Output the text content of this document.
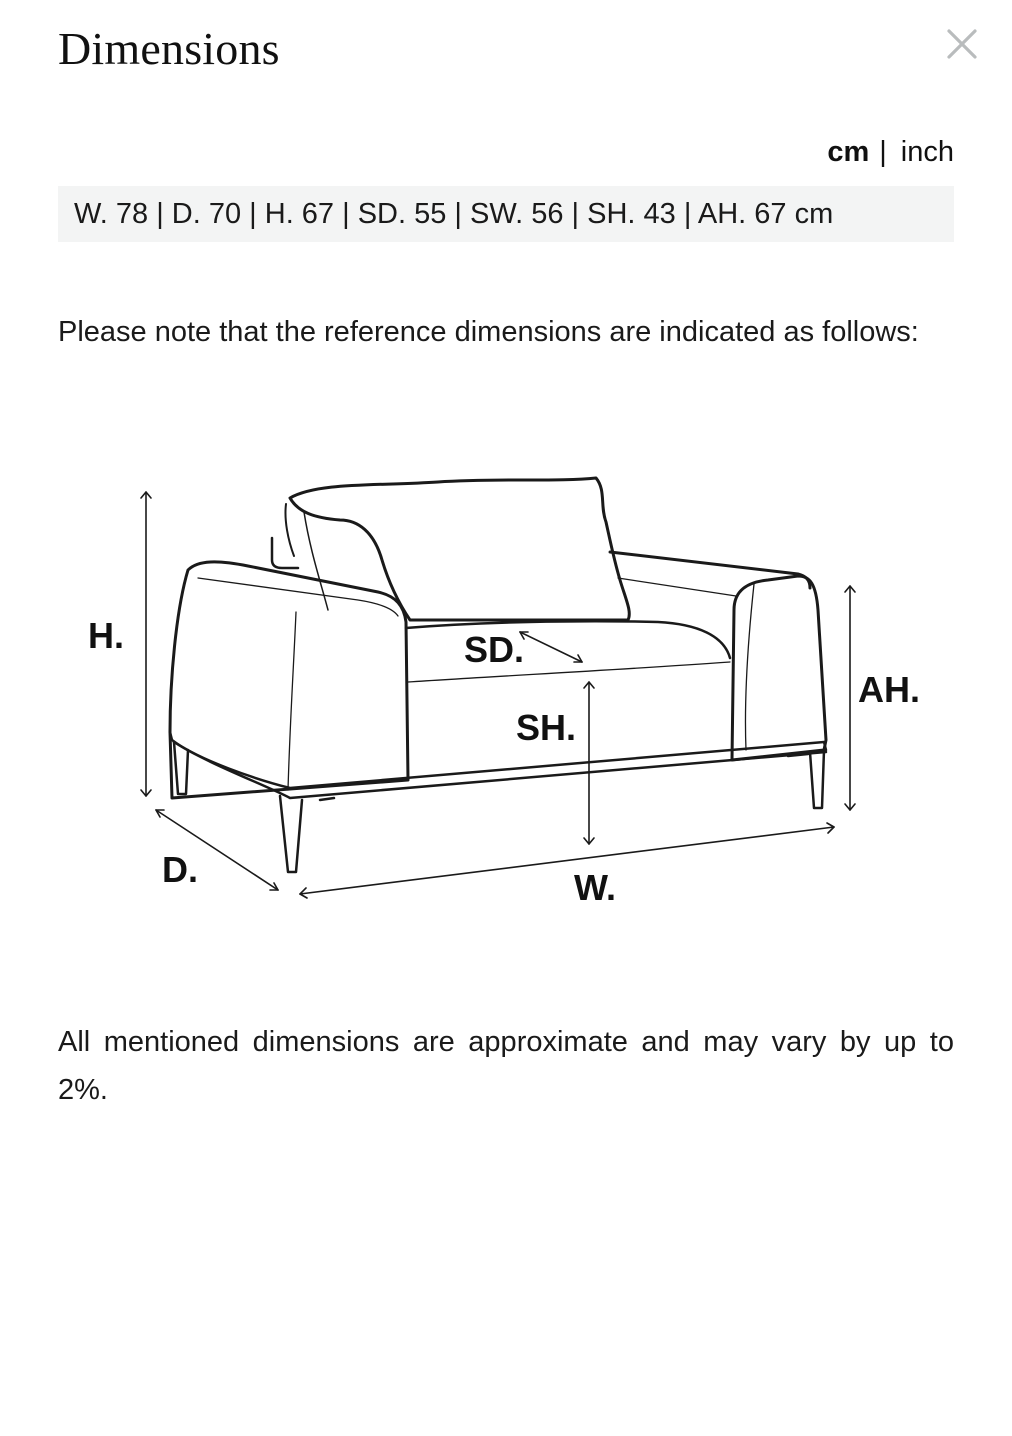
Dimensions
cm | inch
W. 78 | D. 70 | H. 67 | SD. 55 | SW. 56 | SH. 43 | AH. 67 cm

Please note that the reference dimensions are indicated as follows:

H.	SD.
SH.
AH.
D.	W.

All mentioned dimensions are approximate and may vary by up to 2%.
